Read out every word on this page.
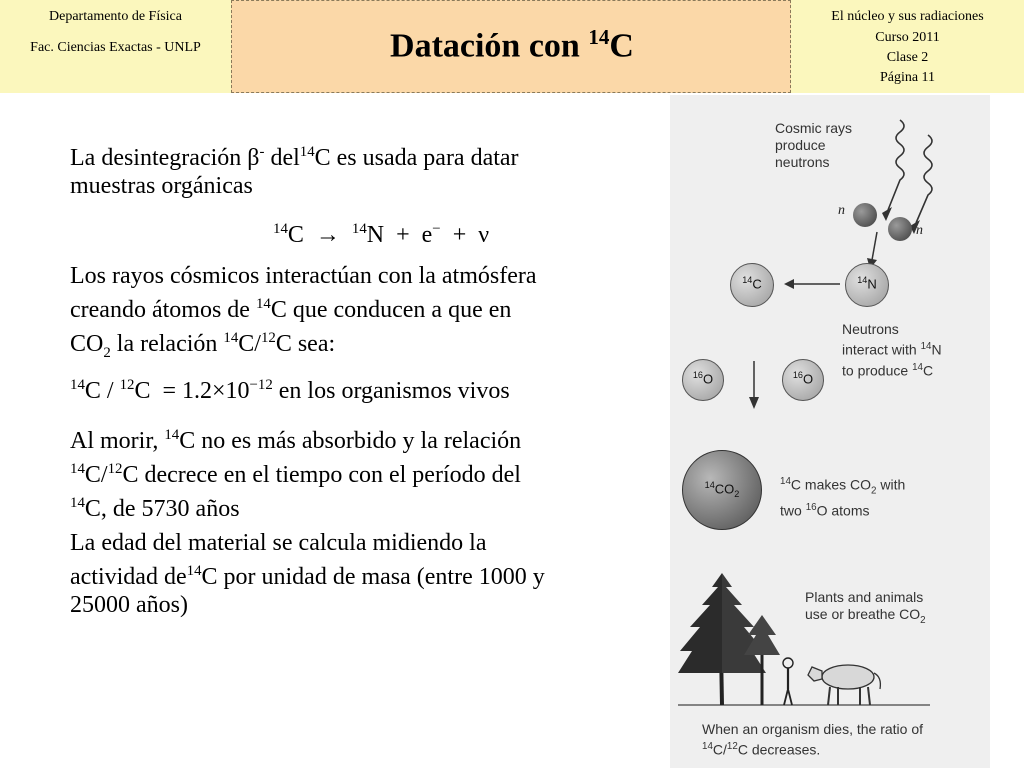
Departamento de Física
Fac. Ciencias Exactas - UNLP	Datación con $^{14}$C
El núcleo y sus radiaciones
Curso 2011
Clase 2
Página 11
La desintegración β- del$^{14}$C es usada para datar
muestras orgánicas
$^{14}$C  →  $^{14}$N  +  e−  +  ν
Los rayos cósmicos interactúan con la atmósfera
creando átomos de $^{14}$C que conducen a que en
$CO_2$ la relación $^{14}$C/$^{12}$C sea:
$^{14}C / ^{12}C = 1.2\times 10^{-12}$ en los organismos vivos
Al morir, $^{14}$C no es más absorbido y la relación
$^{14}$C/$^{12}$C decrece en el tiempo con el período del
$^{14}$C, de 5730 años
La edad del material se calcula midiendo la
actividad $de^{14}C$ por unidad de masa (entre 1000 y
25000 años)
Cosmic rays
produce
neutrons
n
n
$^{14}$C	$^{14}$N
Neutrons
interact with $^{14}$N
to produce $^{14}$C
$^{16}$O	$^{16}$O
$^{14}CO_2$
$^{14}$C makes $CO_2$ with
two $^{16}$O atoms
Plants and animals
use or breathe $CO_2$
When an organism dies, the ratio of
$^{14}$C/$^{12}$C decreases.
